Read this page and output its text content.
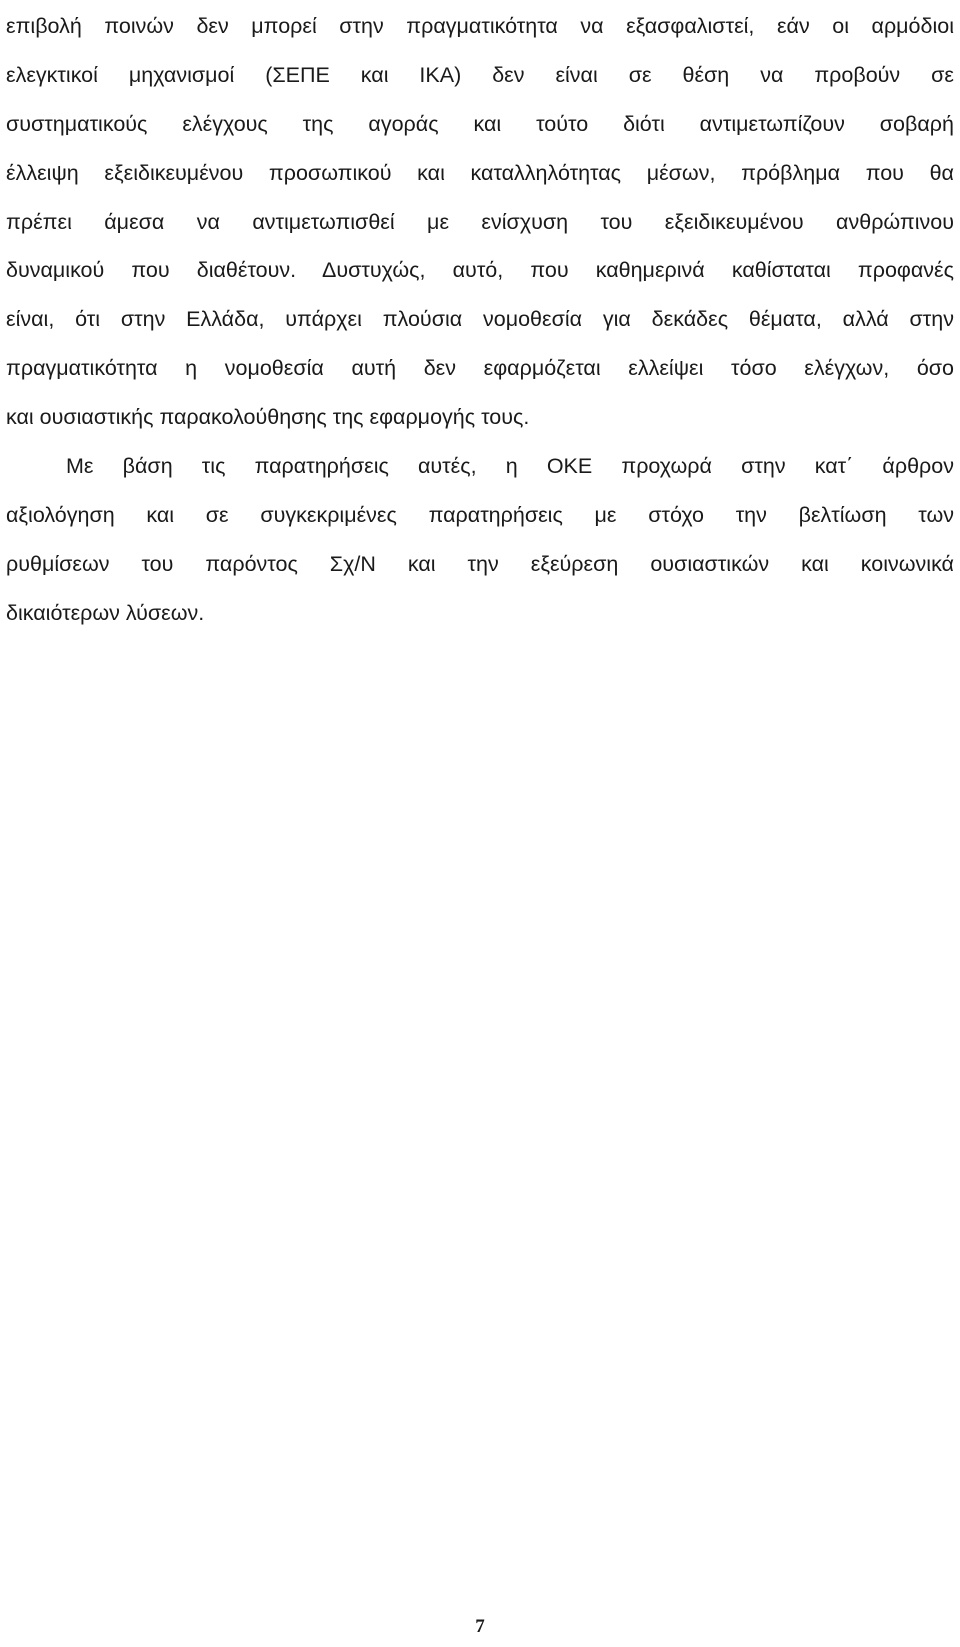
επιβολή ποινών δεν μπορεί στην πραγματικότητα να εξασφαλιστεί, εάν οι αρμόδιοι
ελεγκτικοί μηχανισμοί (ΣΕΠΕ και ΙΚΑ) δεν είναι σε θέση να προβούν σε
συστηματικούς ελέγχους της αγοράς και τούτο διότι αντιμετωπίζουν σοβαρή
έλλειψη εξειδικευμένου προσωπικού και καταλληλότητας μέσων, πρόβλημα που θα
πρέπει άμεσα να αντιμετωπισθεί με ενίσχυση του εξειδικευμένου ανθρώπινου
δυναμικού που διαθέτουν. Δυστυχώς, αυτό, που καθημερινά καθίσταται προφανές
είναι, ότι στην Ελλάδα, υπάρχει πλούσια νομοθεσία για δεκάδες θέματα, αλλά στην
πραγματικότητα η νομοθεσία αυτή δεν εφαρμόζεται ελλείψει τόσο ελέγχων, όσο
και ουσιαστικής παρακολούθησης της εφαρμογής τους.
Με βάση τις παρατηρήσεις αυτές, η ΟΚΕ προχωρά στην κατ΄ άρθρον
αξιολόγηση και σε συγκεκριμένες παρατηρήσεις με στόχο την βελτίωση των
ρυθμίσεων του παρόντος Σχ/Ν και την εξεύρεση ουσιαστικών και κοινωνικά
δικαιότερων λύσεων.
7
